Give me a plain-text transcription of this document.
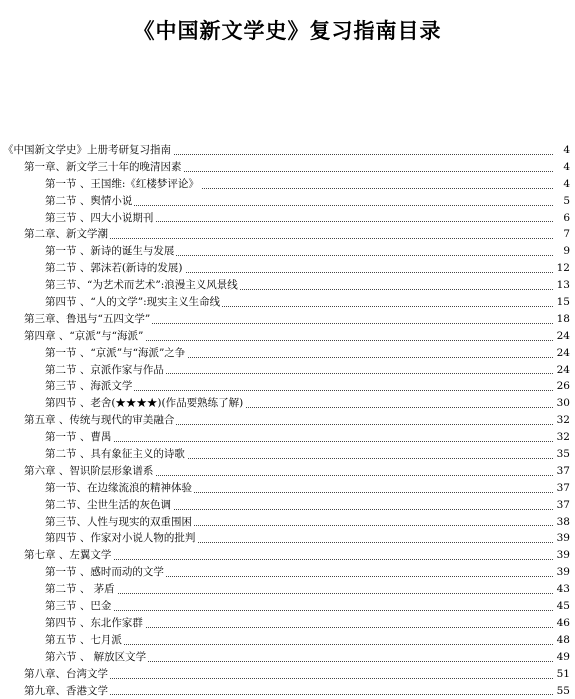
《中国新文学史》复习指南目录
《中国新文学史》上册考研复习指南	4
第一章、新文学三十年的晚清因素	4
第一节 、王国维:《红楼梦评论》	4
第二节 、舆情小说	5
第三节 、四大小说期刊	6
第二章、新文学潮	7
第一节 、新诗的诞生与发展	9
第二节 、郭沫若(新诗的发展)	12
第三节、“为艺术而艺术”:浪漫主义风景线	13
第四节 、“人的文学”:现实主义生命线	15
第三章、鲁迅与“五四文学”	18
第四章 、“京派”与“海派”	24
第一节 、“京派”与“海派”之争	24
第二节 、京派作家与作品	24
第三节 、海派文学	26
第四节 、老舍(★★★★)(作品要熟练了解)	30
第五章 、传统与现代的审美融合	32
第一节 、曹禺	32
第二节 、具有象征主义的诗歌	35
第六章 、智识阶层形象谱系	37
第一节、在边缘流浪的精神体验	37
第二节、尘世生活的灰色调	37
第三节、人性与现实的双重围困	38
第四节 、作家对小说人物的批判	39
第七章 、左翼文学	39
第一节 、感时而动的文学	39
第二节 、 茅盾	43
第三节 、巴金	45
第四节 、东北作家群	46
第五节 、七月派	48
第六节 、 解放区文学	49
第八章、台湾文学	51
第九章、香港文学	55
